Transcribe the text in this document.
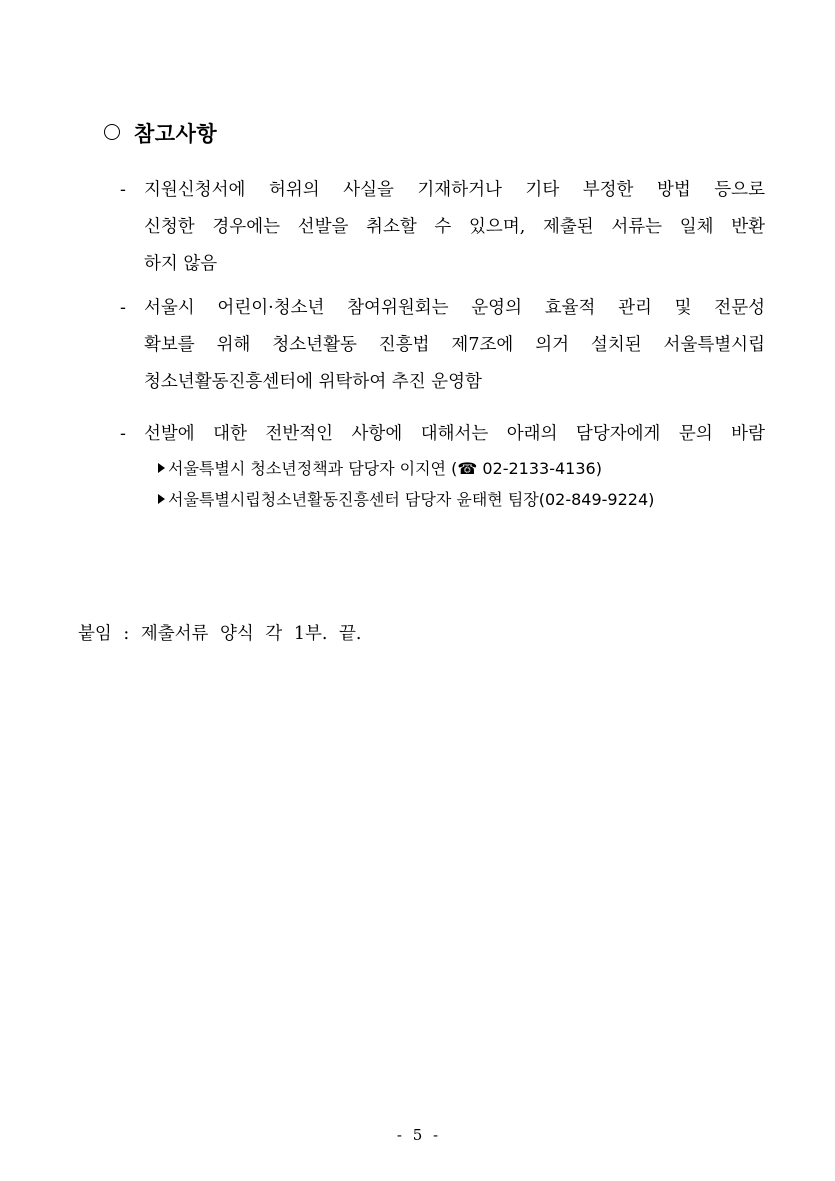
참고사항
-	지원신청서에 허위의 사실을 기재하거나 기타 부정한 방법 등으로
신청한 경우에는 선발을 취소할 수 있으며, 제출된 서류는 일체 반환
하지 않음
-	서울시 어린이·청소년 참여위원회는 운영의 효율적 관리 및 전문성
확보를 위해 청소년활동 진흥법 제7조에 의거 설치된 서울특별시립
청소년활동진흥센터에 위탁하여 추진 운영함
-	선발에 대한 전반적인 사항에 대해서는 아래의 담당자에게 문의 바람
서울특별시 청소년정책과 담당자 이지연 (☎ 02-2133-4136)
서울특별시립청소년활동진흥센터 담당자 윤태현 팀장(02-849-9224)
붙임 : 제출서류 양식 각 1부. 끝.
- 5 -
